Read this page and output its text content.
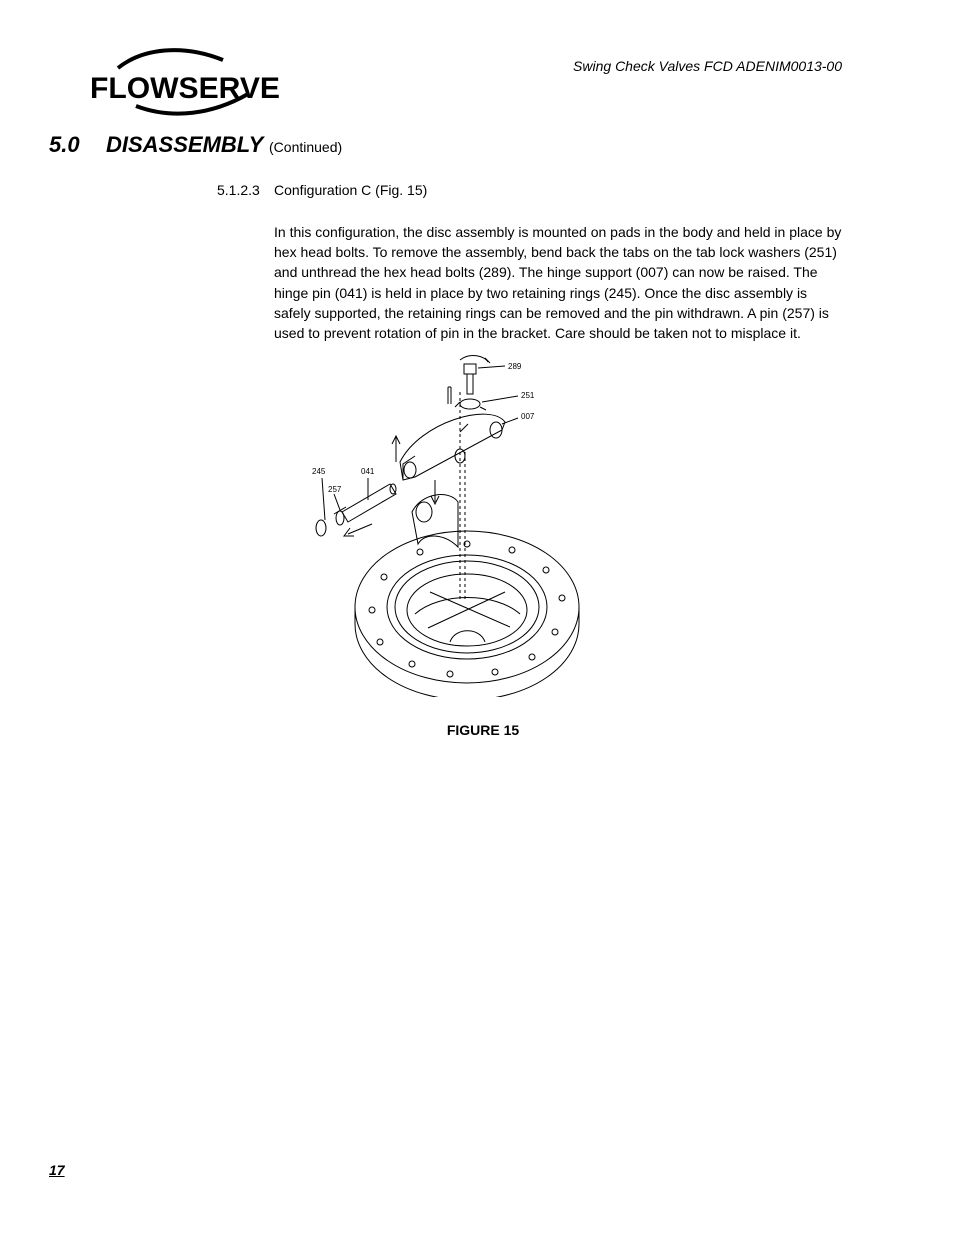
FLOWSERVE
Swing Check Valves FCD ADENIM0013-00
5.0 DISASSEMBLY (Continued)
5.1.2.3 Configuration C (Fig. 15)

In this configuration, the disc assembly is mounted on pads in the body and held in place by hex head bolts. To remove the assembly, bend back the tabs on the tab lock washers (251) and unthread the hex head bolts (289). The hinge support (007) can now be raised. The hinge pin (041) is held in place by two retaining rings (245). Once the disc assembly is safely supported, the retaining rings can be removed and the pin withdrawn. A pin (257) is used to prevent rotation of pin in the bracket. Care should be taken not to misplace it.

289
251
007
245	041
257
FIGURE 15
17
